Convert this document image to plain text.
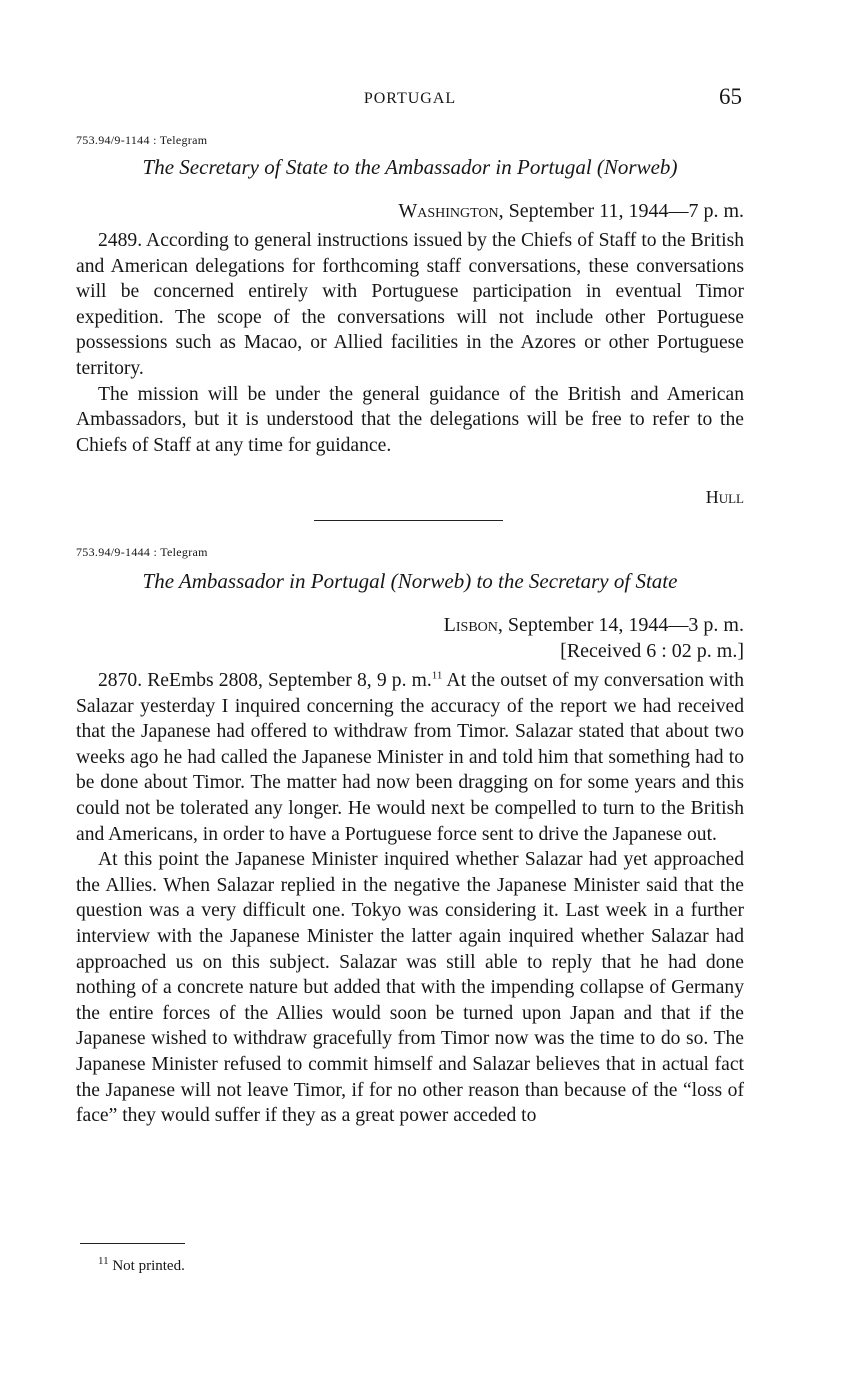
PORTUGAL	65
753.94/9-1144 : Telegram
The Secretary of State to the Ambassador in Portugal (Norweb)
Washington, September 11, 1944—7 p. m.

2489. According to general instructions issued by the Chiefs of Staff to the British and American delegations for forthcoming staff conversations, these conversations will be concerned entirely with Portuguese participation in eventual Timor expedition. The scope of the conversations will not include other Portuguese possessions such as Macao, or Allied facilities in the Azores or other Portuguese territory.

The mission will be under the general guidance of the British and American Ambassadors, but it is understood that the delegations will be free to refer to the Chiefs of Staff at any time for guidance.

Hull
753.94/9-1444 : Telegram
The Ambassador in Portugal (Norweb) to the Secretary of State
Lisbon, September 14, 1944—3 p. m.
[Received 6 : 02 p. m.]

2870. ReEmbs 2808, September 8, 9 p. m.$^{11}$ At the outset of my conversation with Salazar yesterday I inquired concerning the accuracy of the report we had received that the Japanese had offered to withdraw from Timor. Salazar stated that about two weeks ago he had called the Japanese Minister in and told him that something had to be done about Timor. The matter had now been dragging on for some years and this could not be tolerated any longer. He would next be compelled to turn to the British and Americans, in order to have a Portuguese force sent to drive the Japanese out.

At this point the Japanese Minister inquired whether Salazar had yet approached the Allies. When Salazar replied in the negative the Japanese Minister said that the question was a very difficult one. Tokyo was considering it. Last week in a further interview with the Japanese Minister the latter again inquired whether Salazar had approached us on this subject. Salazar was still able to reply that he had done nothing of a concrete nature but added that with the impending collapse of Germany the entire forces of the Allies would soon be turned upon Japan and that if the Japanese wished to withdraw gracefully from Timor now was the time to do so. The Japanese Minister refused to commit himself and Salazar believes that in actual fact the Japanese will not leave Timor, if for no other reason than because of the “loss of face” they would suffer if they as a great power acceded to

$^{11}$ Not printed.
